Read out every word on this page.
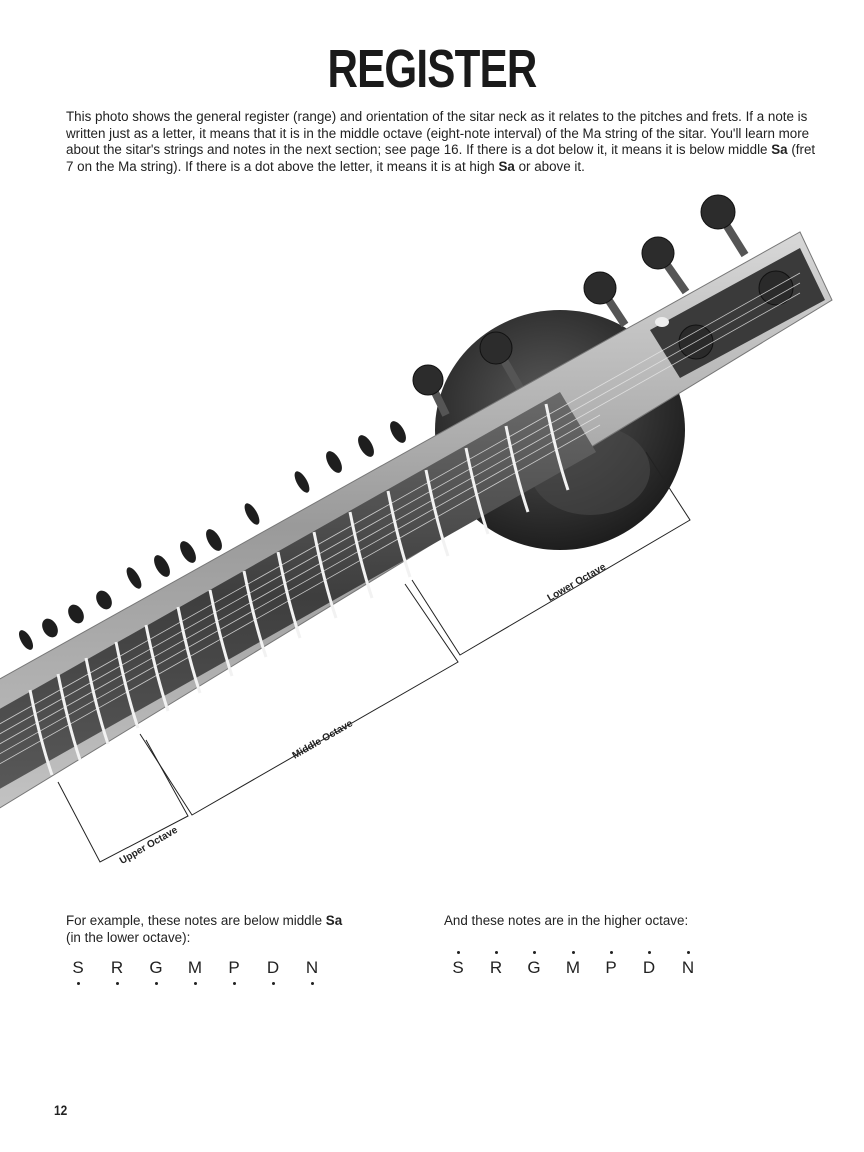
REGISTER
This photo shows the general register (range) and orientation of the sitar neck as it relates to the pitches and frets. If a note is written just as a letter, it means that it is in the middle octave (eight-note interval) of the Ma string of the sitar. You'll learn more about the sitar's strings and notes in the next section; see page 16. If there is a dot below it, it means it is below middle Sa (fret 7 on the Ma string). If there is a dot above the letter, it means it is at high Sa or above it.
Lower Octave
Middle Octave
Upper Octave
For example, these notes are below middle Sa
(in the lower octave):
S R G M P D N
And these notes are in the higher octave:
S R G M P D N
12
